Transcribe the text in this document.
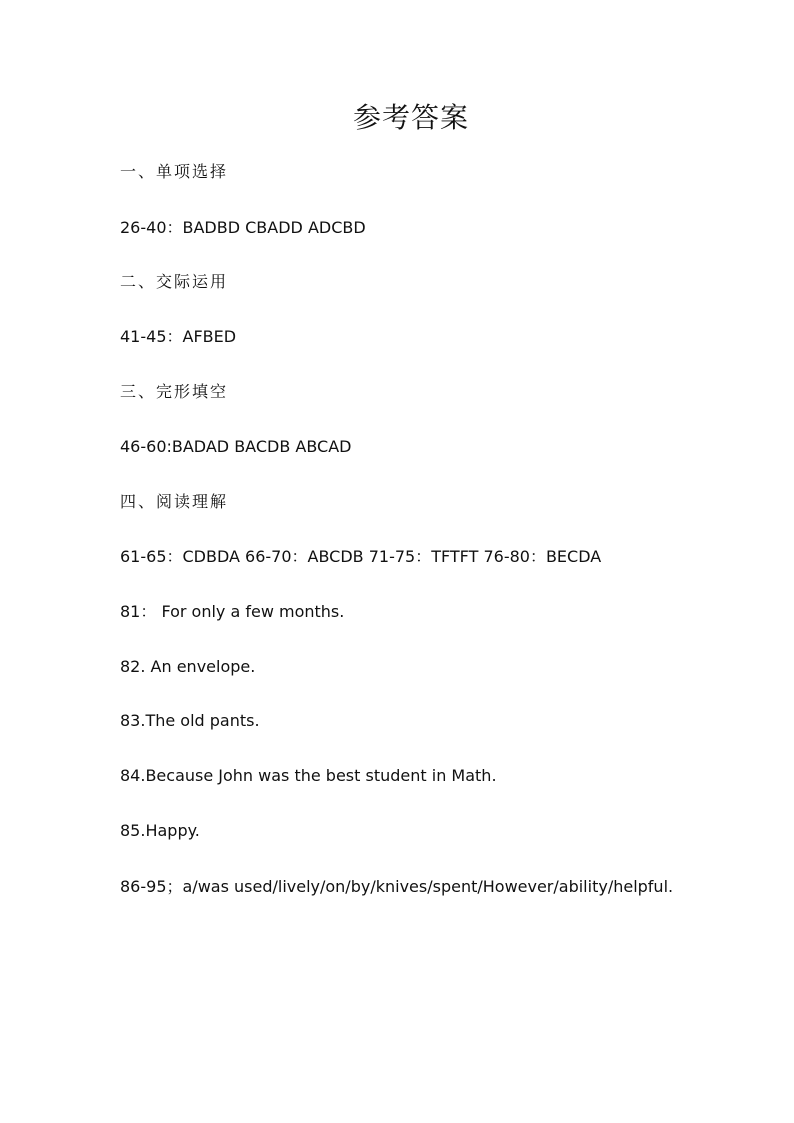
参考答案
一、单项选择
26-40：BADBD CBADD ADCBD
二、交际运用
41-45：AFBED
三、完形填空
46-60:BADAD BACDB ABCAD
四、阅读理解
61-65：CDBDA 66-70：ABCDB 71-75：TFTFT 76-80：BECDA
81： For only a few months.
82. An envelope.
83.The old pants.
84.Because John was the best student in Math.
85.Happy.
86-95；a/was used/lively/on/by/knives/spent/However/ability/helpful.
